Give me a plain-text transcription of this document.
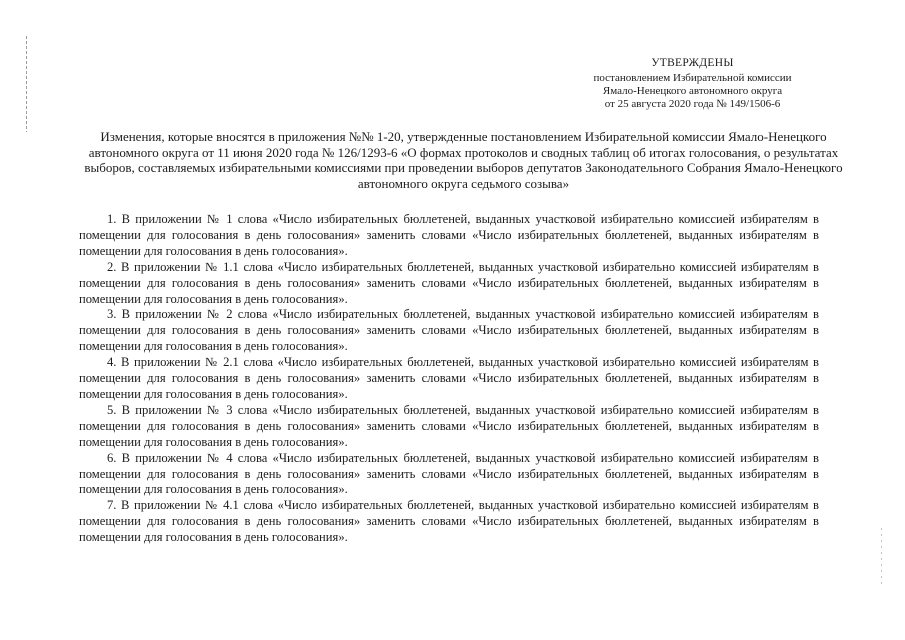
УТВЕРЖДЕНЫ
постановлением Избирательной комиссии
Ямало-Ненецкого автономного округа
от 25 августа 2020 года № 149/1506-6
Изменения, которые вносятся в приложения №№ 1-20, утвержденные постановлением Избирательной комиссии Ямало-Ненецкого автономного округа от 11 июня 2020 года № 126/1293-6 «О формах протоколов и сводных таблиц об итогах голосования, о результатах выборов, составляемых избирательными комиссиями при проведении выборов депутатов Законодательного Собрания Ямало-Ненецкого автономного округа седьмого созыва»

1. В приложении № 1 слова «Число избирательных бюллетеней, выданных участковой избирательно комиссией избирателям в помещении для голосования в день голосования» заменить словами «Число избирательных бюллетеней, выданных избирателям в помещении для голосования в день голосования».

2. В приложении № 1.1 слова «Число избирательных бюллетеней, выданных участковой избирательно комиссией избирателям в помещении для голосования в день голосования» заменить словами «Число избирательных бюллетеней, выданных избирателям в помещении для голосования в день голосования».

3. В приложении № 2 слова «Число избирательных бюллетеней, выданных участковой избирательно комиссией избирателям в помещении для голосования в день голосования» заменить словами «Число избирательных бюллетеней, выданных избирателям в помещении для голосования в день голосования».

4. В приложении № 2.1 слова «Число избирательных бюллетеней, выданных участковой избирательно комиссией избирателям в помещении для голосования в день голосования» заменить словами «Число избирательных бюллетеней, выданных избирателям в помещении для голосования в день голосования».

5. В приложении № 3 слова «Число избирательных бюллетеней, выданных участковой избирательно комиссией избирателям в помещении для голосования в день голосования» заменить словами «Число избирательных бюллетеней, выданных избирателям в помещении для голосования в день голосования».

6. В приложении № 4 слова «Число избирательных бюллетеней, выданных участковой избирательно комиссией избирателям в помещении для голосования в день голосования» заменить словами «Число избирательных бюллетеней, выданных избирателям в помещении для голосования в день голосования».

7. В приложении № 4.1 слова «Число избирательных бюллетеней, выданных участковой избирательно комиссией избирателям в помещении для голосования в день голосования» заменить словами «Число избирательных бюллетеней, выданных избирателям в помещении для голосования в день голосования».
